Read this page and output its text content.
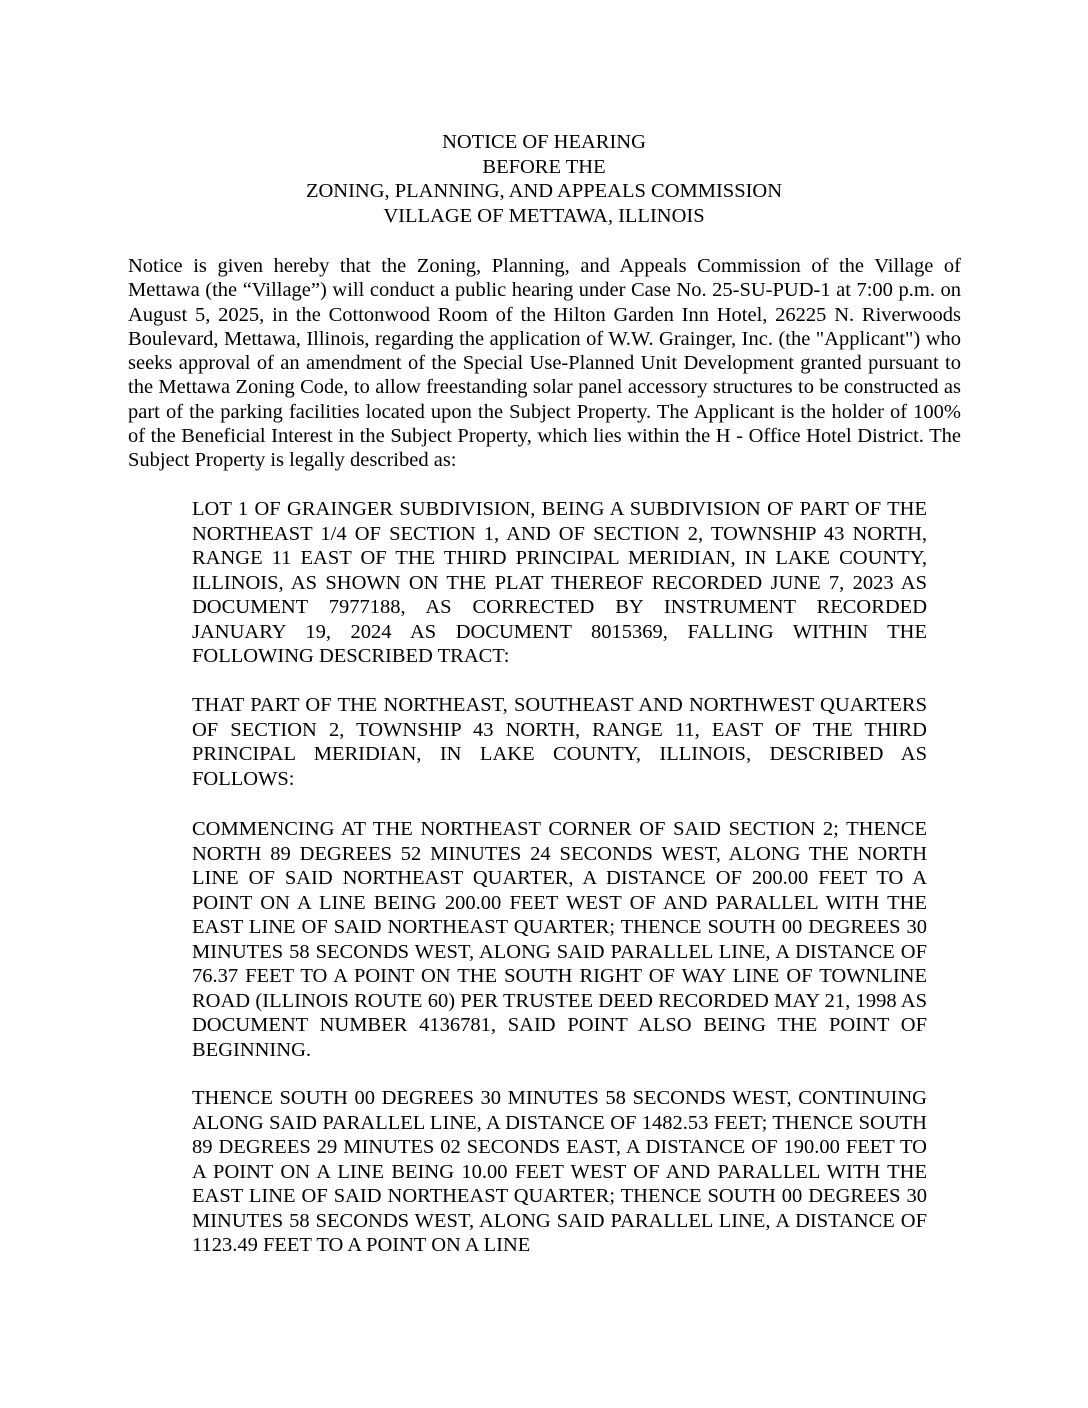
NOTICE OF HEARING
BEFORE THE
ZONING, PLANNING, AND APPEALS COMMISSION
VILLAGE OF METTAWA, ILLINOIS

Notice is given hereby that the Zoning, Planning, and Appeals Commission of the Village of Mettawa (the “Village”) will conduct a public hearing under Case No. 25-SU-PUD-1 at 7:00 p.m. on August 5, 2025, in the Cottonwood Room of the Hilton Garden Inn Hotel, 26225 N. Riverwoods Boulevard, Mettawa, Illinois, regarding the application of W.W. Grainger, Inc. (the "Applicant") who seeks approval of an amendment of the Special Use-Planned Unit Development granted pursuant to the Mettawa Zoning Code, to allow freestanding solar panel accessory structures to be constructed as part of the parking facilities located upon the Subject Property. The Applicant is the holder of 100% of the Beneficial Interest in the Subject Property, which lies within the H - Office Hotel District. The Subject Property is legally described as:

LOT 1 OF GRAINGER SUBDIVISION, BEING A SUBDIVISION OF PART OF THE NORTHEAST 1/4 OF SECTION 1, AND OF SECTION 2, TOWNSHIP 43 NORTH, RANGE 11 EAST OF THE THIRD PRINCIPAL MERIDIAN, IN LAKE COUNTY, ILLINOIS, AS SHOWN ON THE PLAT THEREOF RECORDED JUNE 7, 2023 AS DOCUMENT 7977188, AS CORRECTED BY INSTRUMENT RECORDED JANUARY 19, 2024 AS DOCUMENT 8015369, FALLING WITHIN THE FOLLOWING DESCRIBED TRACT:

THAT PART OF THE NORTHEAST, SOUTHEAST AND NORTHWEST QUARTERS OF SECTION 2, TOWNSHIP 43 NORTH, RANGE 11, EAST OF THE THIRD PRINCIPAL MERIDIAN, IN LAKE COUNTY, ILLINOIS, DESCRIBED AS FOLLOWS:

COMMENCING AT THE NORTHEAST CORNER OF SAID SECTION 2; THENCE NORTH 89 DEGREES 52 MINUTES 24 SECONDS WEST, ALONG THE NORTH LINE OF SAID NORTHEAST QUARTER, A DISTANCE OF 200.00 FEET TO A POINT ON A LINE BEING 200.00 FEET WEST OF AND PARALLEL WITH THE EAST LINE OF SAID NORTHEAST QUARTER; THENCE SOUTH 00 DEGREES 30 MINUTES 58 SECONDS WEST, ALONG SAID PARALLEL LINE, A DISTANCE OF 76.37 FEET TO A POINT ON THE SOUTH RIGHT OF WAY LINE OF TOWNLINE ROAD (ILLINOIS ROUTE 60) PER TRUSTEE DEED RECORDED MAY 21, 1998 AS DOCUMENT NUMBER 4136781, SAID POINT ALSO BEING THE POINT OF BEGINNING.

THENCE SOUTH 00 DEGREES 30 MINUTES 58 SECONDS WEST, CONTINUING ALONG SAID PARALLEL LINE, A DISTANCE OF 1482.53 FEET; THENCE SOUTH 89 DEGREES 29 MINUTES 02 SECONDS EAST, A DISTANCE OF 190.00 FEET TO A POINT ON A LINE BEING 10.00 FEET WEST OF AND PARALLEL WITH THE EAST LINE OF SAID NORTHEAST QUARTER; THENCE SOUTH 00 DEGREES 30 MINUTES 58 SECONDS WEST, ALONG SAID PARALLEL LINE, A DISTANCE OF 1123.49 FEET TO A POINT ON A LINE
